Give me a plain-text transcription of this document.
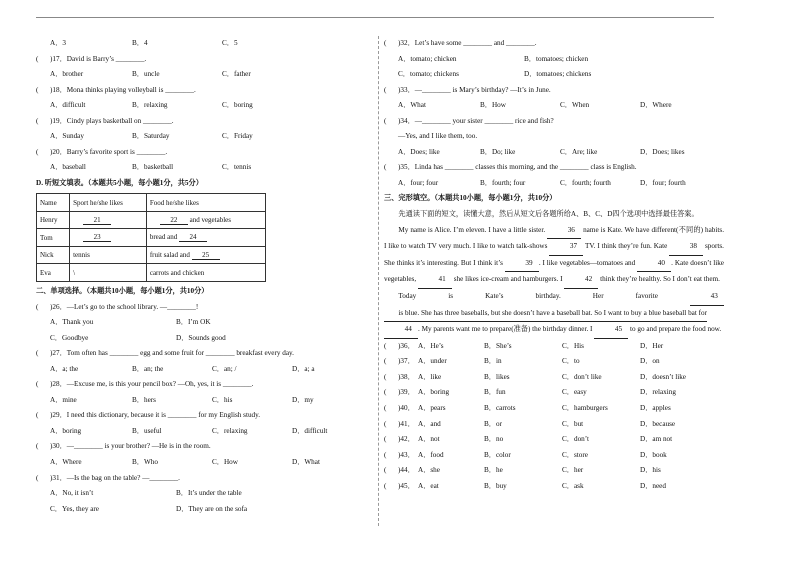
A．3	B．4	C．5
( )17．David is Barry’s ________.
A．brother	B．uncle	C．father
( )18．Mona thinks playing volleyball is ________.
A．difficult	B．relaxing	C．boring
( )19．Cindy plays basketball on ________.
A．Sunday	B．Saturday	C．Friday
( )20．Barry’s favorite sport is ________.
A．baseball	B．basketball	C．tennis
D. 听短文填表。（本题共5小题，每小题1分，共5分）
Name	Sport he/she likes	Food he/she likes
Henry	21	22 and vegetables
Tom	23	bread and 24
Nick	tennis	fruit salad and 25
Eva	\	carrots and chicken
二、单项选择。（本题共10小题，每小题1分，共10分）
( )26．—Let’s go to the school library. —________!
A．Thank you	B．I’m OK
C．Goodbye	D．Sounds good
( )27．Tom often has ________ egg and some fruit for ________ breakfast every day.
A．a; the	B．an; the	C．an; /	D．a; a
( )28．—Excuse me, is this your pencil box? —Oh, yes, it is ________.
A．mine	B．hers	C．his	D．my
( )29．I need this dictionary, because it is ________ for my English study.
A．boring	B．useful	C．relaxing	D．difficult
( )30．—________ is your brother? —He is in the room.
A．Where	B．Who	C．How	D．What
( )31．—Is the bag on the table? —________.
A．No, it isn’t	B．It’s under the table
C．Yes, they are	D．They are on the sofa
( )32．Let’s have some ________ and ________.
A．tomato; chicken	B．tomatoes; chicken
C．tomato; chickens	D．tomatoes; chickens
( )33．—________ is Mary’s birthday? —It’s in June.
A．What	B．How	C．When	D．Where
( )34．—________ your sister ________ rice and fish?
—Yes, and I like them, too.
A．Does; like	B．Do; like	C．Are; like	D．Does; likes
( )35．Linda has ________ classes this morning, and the ________ class is English.
A．four; four	B．fourth; four	C．fourth; fourth	D．four; fourth
三、完形填空。（本题共10小题，每小题1分，共10分）

先通读下面的短文，读懂大意，然后从短文后各题所给A、B、C、D四个选项中选择最佳答案。

My name is Alice. I’m eleven. I have a little sister.	36 name is Kate. We have different(不同的) habits. I like to watch TV very much. I like to watch talk-shows	37 TV. I think they’re fun. Kate	38 sports. She thinks it’s interesting. But I think it’s	39 . I like vegetables—tomatoes and	40 . Kate doesn’t like vegetables,	41 she likes ice-cream and hamburgers. I	42 think they’re healthy. So I don’t eat them.

Today is Kate’s birthday. Her favorite	43is blue. She has three baseballs, but she doesn’t have a baseball bat. So I want to buy a blue baseball bat for44 . My parents want me to prepare(准备) the birthday dinner. I	45 to go and prepare the food now.

( )36． A．He’s	B．She’s	C．His	D．Her
( )37． A．under	B．in	C．to	D．on
( )38． A．like	B．likes	C．don’t like	D．doesn’t like
( )39． A．boring	B．fun	C．easy	D．relaxing
( )40． A．pears	B．carrots	C．hamburgers	D．apples
( )41． A．and	B．or	C．but	D．because
( )42． A．not	B．no	C．don’t	D．am not
( )43． A．food	B．color	C．store	D．book
( )44． A．she	B．he	C．her	D．his
( )45． A．eat	B．buy	C．ask	D．need
